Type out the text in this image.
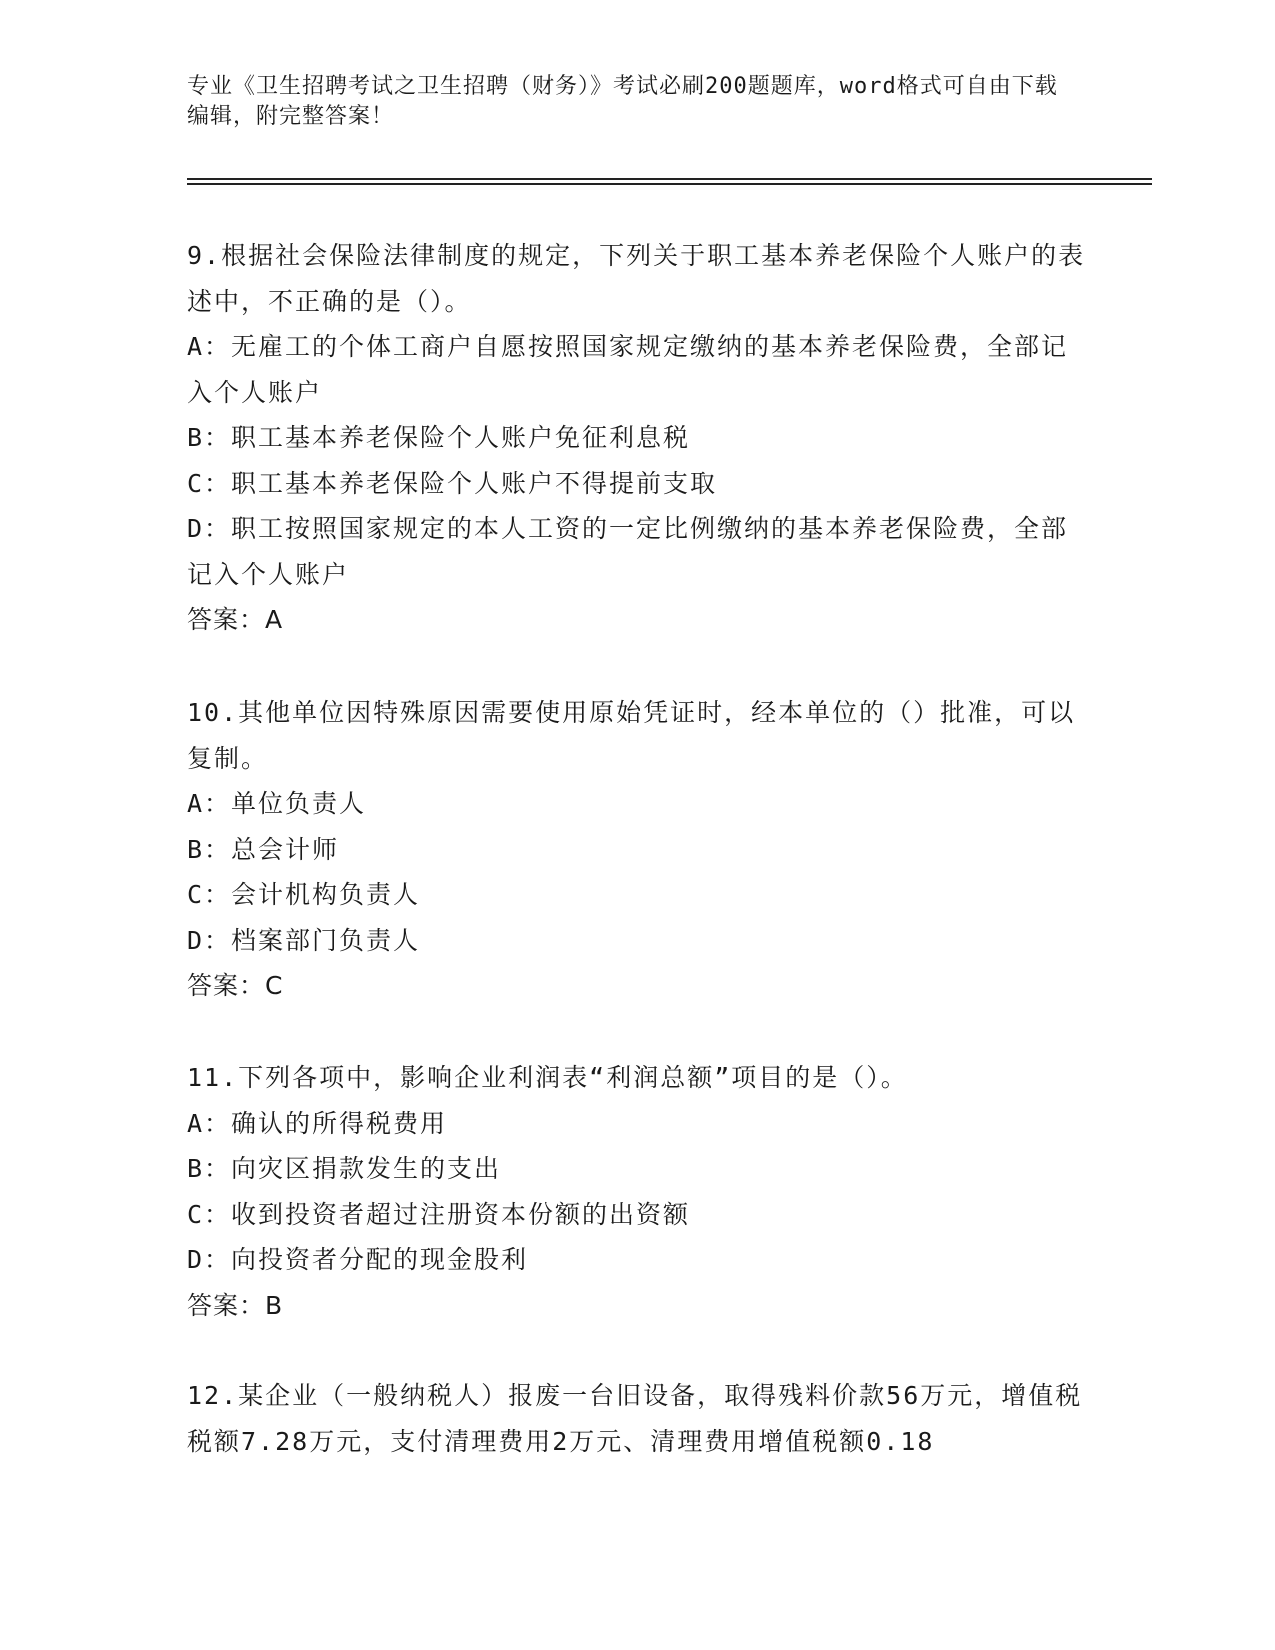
专业《卫生招聘考试之卫生招聘（财务）》考试必刷200题题库，word格式可自由下载编辑，附完整答案！

9.根据社会保险法律制度的规定，下列关于职工基本养老保险个人账户的表述中，不正确的是（）。

A：无雇工的个体工商户自愿按照国家规定缴纳的基本养老保险费，全部记入个人账户

B：职工基本养老保险个人账户免征利息税

C：职工基本养老保险个人账户不得提前支取

D：职工按照国家规定的本人工资的一定比例缴纳的基本养老保险费，全部记入个人账户

答案：A

10.其他单位因特殊原因需要使用原始凭证时，经本单位的（）批准，可以复制。

A：单位负责人

B：总会计师

C：会计机构负责人

D：档案部门负责人

答案：C

11.下列各项中，影响企业利润表“利润总额”项目的是（）。

A：确认的所得税费用

B：向灾区捐款发生的支出

C：收到投资者超过注册资本份额的出资额

D：向投资者分配的现金股利

答案：B

12.某企业（一般纳税人）报废一台旧设备，取得残料价款56万元，增值税税额7.28万元，支付清理费用2万元、清理费用增值税额0.18
